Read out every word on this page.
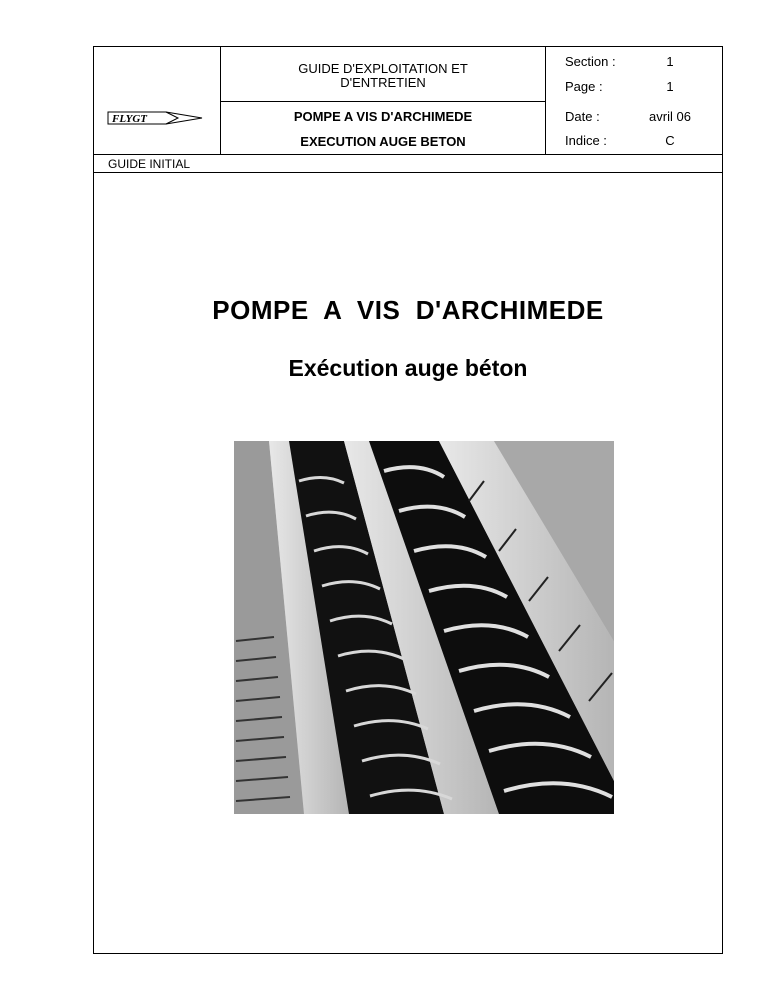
FLYGT
GUIDE D'EXPLOITATION ET
D'ENTRETIEN
POMPE A VIS D'ARCHIMEDE
EXECUTION AUGE BETON
Section :	1
Page :	1
Date :	avril 06
Indice :	C
GUIDE INITIAL
POMPE  A  VIS  D'ARCHIMEDE
Exécution auge béton
